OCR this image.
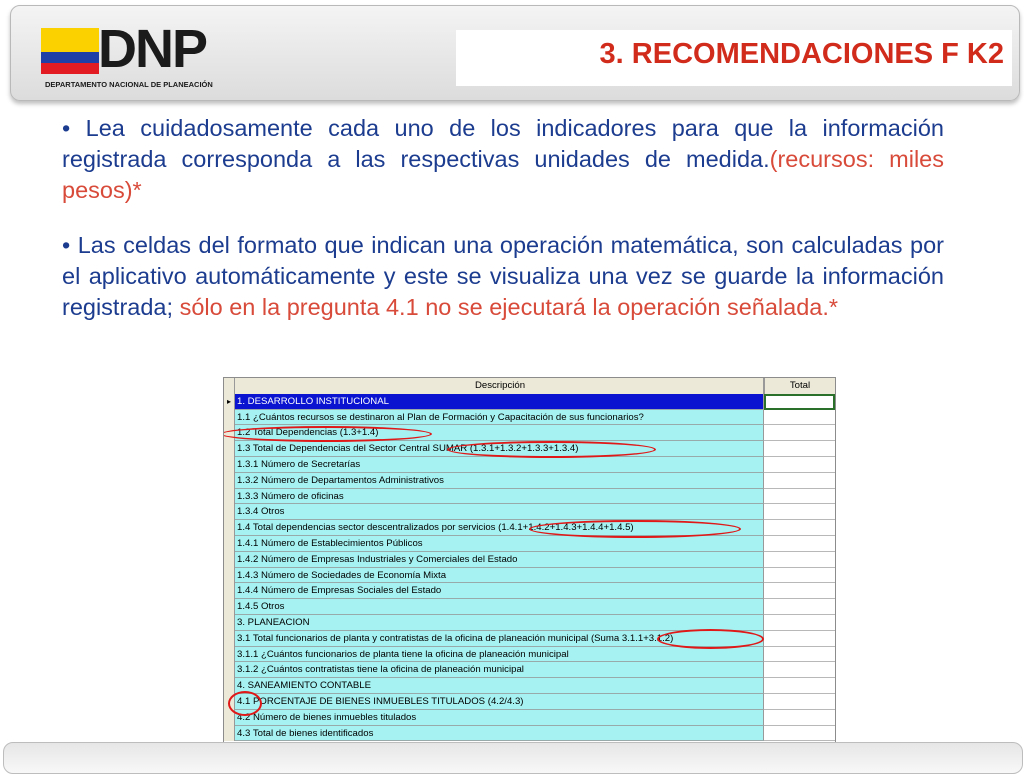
DNP
DEPARTAMENTO NACIONAL DE PLANEACIÓN
3. RECOMENDACIONES F K2
• Lea cuidadosamente cada uno de los indicadores para que la información registrada corresponda a las respectivas unidades de medida.(recursos: miles pesos)*
• Las celdas del formato que indican una operación matemática, son calculadas por el aplicativo automáticamente y este se visualiza una vez se guarde la información registrada; sólo en la pregunta 4.1 no se ejecutará la operación señalada.*
Descripción	Total
▸ 1. DESARROLLO INSTITUCIONAL
1.1 ¿Cuántos recursos se destinaron al Plan de Formación y Capacitación de sus funcionarios?
1.2 Total Dependencias (1.3+1.4)
1.3 Total de Dependencias del Sector Central SUMAR (1.3.1+1.3.2+1.3.3+1.3.4)
1.3.1 Número de Secretarías
1.3.2 Número de Departamentos Administrativos
1.3.3 Número de oficinas
1.3.4 Otros
1.4 Total dependencias sector descentralizados por servicios (1.4.1+1.4.2+1.4.3+1.4.4+1.4.5)
1.4.1 Número de Establecimientos Públicos
1.4.2 Número de Empresas Industriales y Comerciales del Estado
1.4.3 Número de Sociedades de Economía Mixta
1.4.4 Número de Empresas Sociales del Estado
1.4.5 Otros
3. PLANEACION
3.1 Total funcionarios de planta y contratistas de la oficina de planeación municipal (Suma 3.1.1+3.1.2)
3.1.1 ¿Cuántos funcionarios de planta tiene la oficina de planeación municipal
3.1.2 ¿Cuántos contratistas tiene la oficina de planeación municipal
4. SANEAMIENTO CONTABLE
4.1 PORCENTAJE DE BIENES INMUEBLES TITULADOS (4.2/4.3)
4.2 Número de bienes inmuebles titulados
4.3 Total de bienes identificados
